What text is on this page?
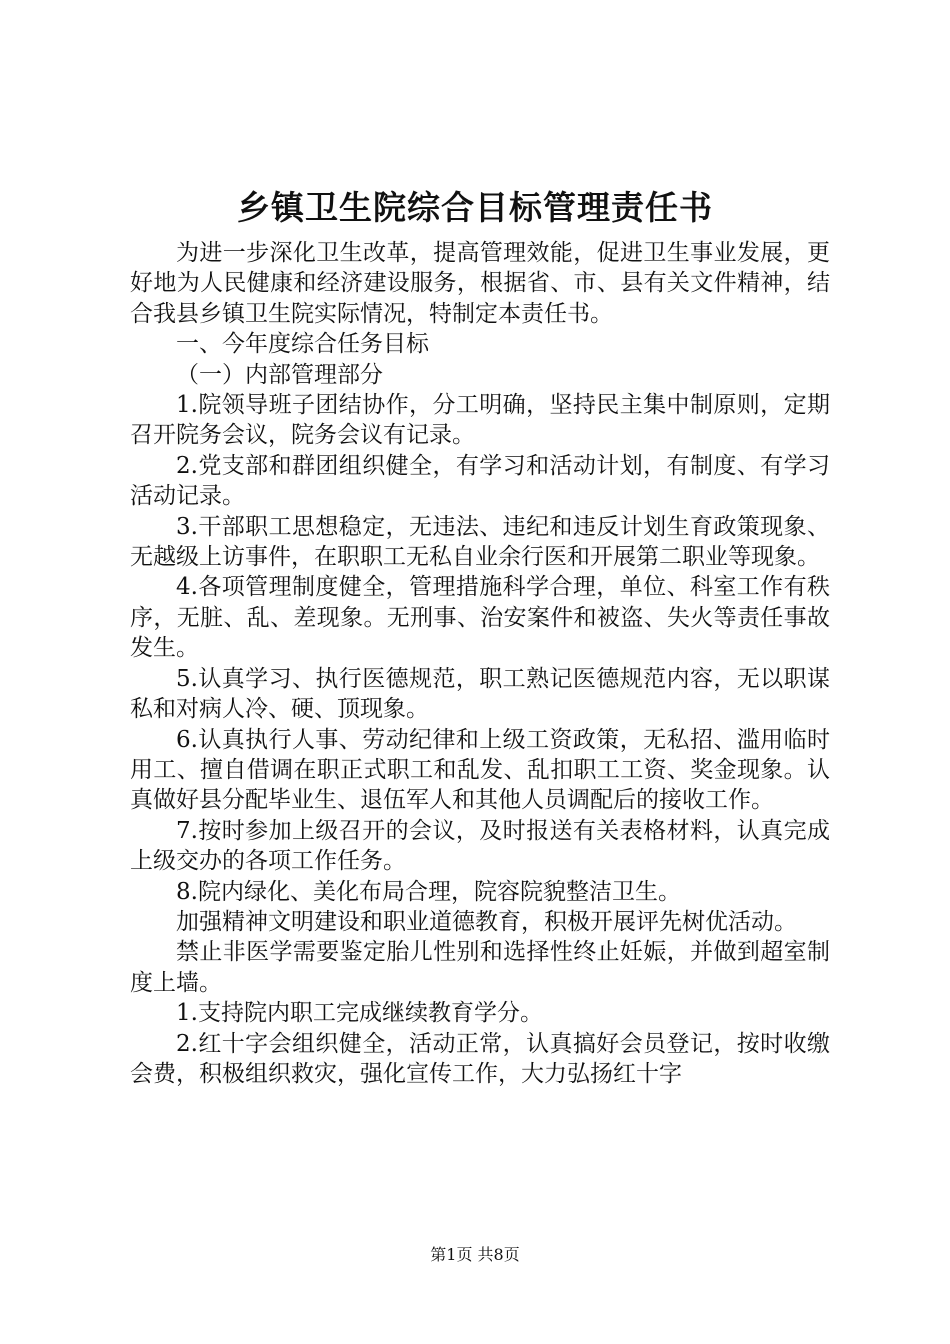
乡镇卫生院综合目标管理责任书

为进一步深化卫生改革，提高管理效能，促进卫生事业发展，更好地为人民健康和经济建设服务，根据省、市、县有关文件精神，结合我县乡镇卫生院实际情况，特制定本责任书。

一、今年度综合任务目标

（一）内部管理部分

1.院领导班子团结协作，分工明确，坚持民主集中制原则，定期召开院务会议，院务会议有记录。

2.党支部和群团组织健全，有学习和活动计划，有制度、有学习活动记录。

3.干部职工思想稳定，无违法、违纪和违反计划生育政策现象、无越级上访事件，在职职工无私自业余行医和开展第二职业等现象。

4.各项管理制度健全，管理措施科学合理，单位、科室工作有秩序，无脏、乱、差现象。无刑事、治安案件和被盗、失火等责任事故发生。

5.认真学习、执行医德规范，职工熟记医德规范内容，无以职谋私和对病人冷、硬、顶现象。

6.认真执行人事、劳动纪律和上级工资政策，无私招、滥用临时用工、擅自借调在职正式职工和乱发、乱扣职工工资、奖金现象。认真做好县分配毕业生、退伍军人和其他人员调配后的接收工作。

7.按时参加上级召开的会议，及时报送有关表格材料，认真完成上级交办的各项工作任务。

8.院内绿化、美化布局合理，院容院貌整洁卫生。

加强精神文明建设和职业道德教育，积极开展评先树优活动。

禁止非医学需要鉴定胎儿性别和选择性终止妊娠，并做到超室制度上墙。

1.支持院内职工完成继续教育学分。

2.红十字会组织健全，活动正常，认真搞好会员登记，按时收缴会费，积极组织救灾，强化宣传工作，大力弘扬红十字

第1页 共8页
